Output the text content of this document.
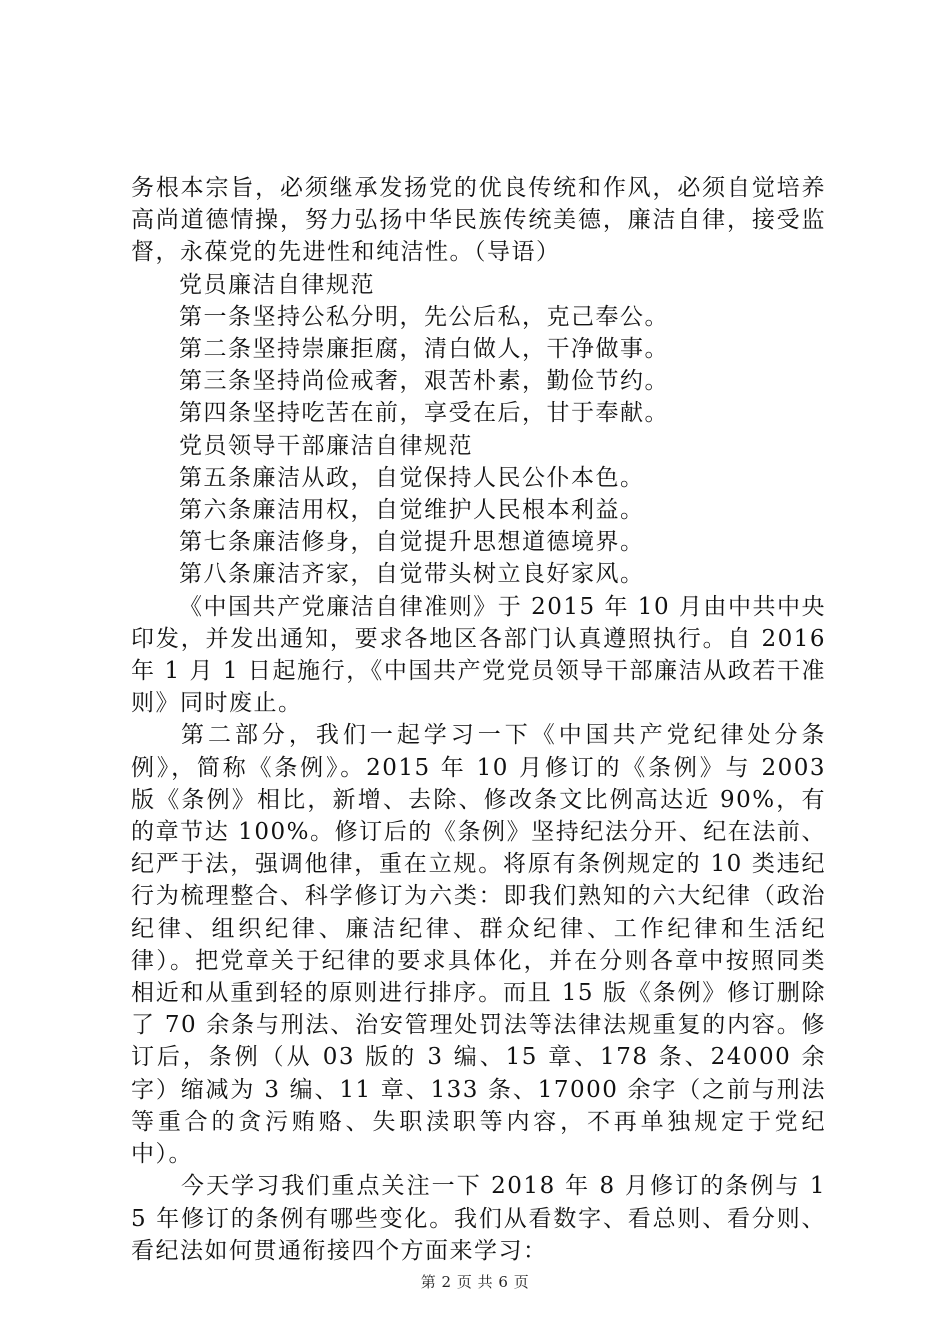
务根本宗旨，必须继承发扬党的优良传统和作风，必须自觉培养高尚道德情操，努力弘扬中华民族传统美德，廉洁自律，接受监督，永葆党的先进性和纯洁性。（导语）

党员廉洁自律规范

第一条坚持公私分明，先公后私，克己奉公。

第二条坚持崇廉拒腐，清白做人，干净做事。

第三条坚持尚俭戒奢，艰苦朴素，勤俭节约。

第四条坚持吃苦在前，享受在后，甘于奉献。

党员领导干部廉洁自律规范

第五条廉洁从政，自觉保持人民公仆本色。

第六条廉洁用权，自觉维护人民根本利益。

第七条廉洁修身，自觉提升思想道德境界。

第八条廉洁齐家，自觉带头树立良好家风。

《中国共产党廉洁自律准则》于 2015 年 10 月由中共中央印发，并发出通知，要求各地区各部门认真遵照执行。自 2016 年 1 月 1 日起施行，《中国共产党党员领导干部廉洁从政若干准则》同时废止。

第二部分，我们一起学习一下《中国共产党纪律处分条例》，简称《条例》。2015 年 10 月修订的《条例》与 2003 版《条例》相比，新增、去除、修改条文比例高达近 90%，有的章节达 100%。修订后的《条例》坚持纪法分开、纪在法前、纪严于法，强调他律，重在立规。将原有条例规定的 10 类违纪行为梳理整合、科学修订为六类：即我们熟知的六大纪律（政治纪律、组织纪律、廉洁纪律、群众纪律、工作纪律和生活纪律）。把党章关于纪律的要求具体化，并在分则各章中按照同类相近和从重到轻的原则进行排序。而且 15 版《条例》修订删除了 70 余条与刑法、治安管理处罚法等法律法规重复的内容。修订后，条例（从 03 版的 3 编、15 章、178 条、24000 余字）缩减为 3 编、11 章、133 条、17000 余字（之前与刑法等重合的贪污贿赂、失职渎职等内容，不再单独规定于党纪中）。

今天学习我们重点关注一下 2018 年 8 月修订的条例与 15 年修订的条例有哪些变化。我们从看数字、看总则、看分则、看纪法如何贯通衔接四个方面来学习：

第 2 页 共 6 页
